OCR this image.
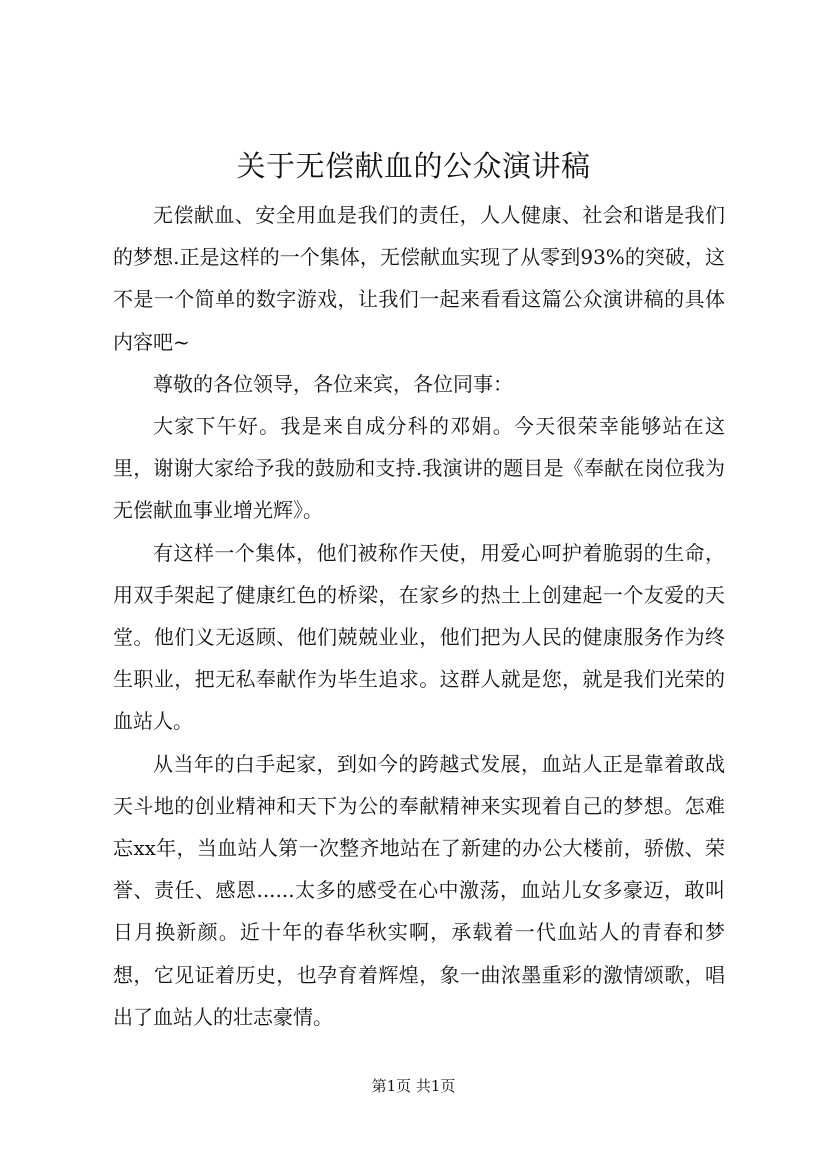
关于无偿献血的公众演讲稿

无偿献血、安全用血是我们的责任，人人健康、社会和谐是我们的梦想.正是这样的一个集体，无偿献血实现了从零到93%的突破，这不是一个简单的数字游戏，让我们一起来看看这篇公众演讲稿的具体内容吧~

尊敬的各位领导，各位来宾，各位同事：

大家下午好。我是来自成分科的邓娟。今天很荣幸能够站在这里，谢谢大家给予我的鼓励和支持.我演讲的题目是《奉献在岗位我为无偿献血事业增光辉》。

有这样一个集体，他们被称作天使，用爱心呵护着脆弱的生命，用双手架起了健康红色的桥梁，在家乡的热土上创建起一个友爱的天堂。他们义无返顾、他们兢兢业业，他们把为人民的健康服务作为终生职业，把无私奉献作为毕生追求。这群人就是您，就是我们光荣的血站人。

从当年的白手起家，到如今的跨越式发展，血站人正是靠着敢战天斗地的创业精神和天下为公的奉献精神来实现着自己的梦想。怎难忘xx年，当血站人第一次整齐地站在了新建的办公大楼前，骄傲、荣誉、责任、感恩......太多的感受在心中激荡，血站儿女多豪迈，敢叫日月换新颜。近十年的春华秋实啊，承载着一代血站人的青春和梦想，它见证着历史，也孕育着辉煌，象一曲浓墨重彩的激情颂歌，唱出了血站人的壮志豪情。

第1页 共1页
